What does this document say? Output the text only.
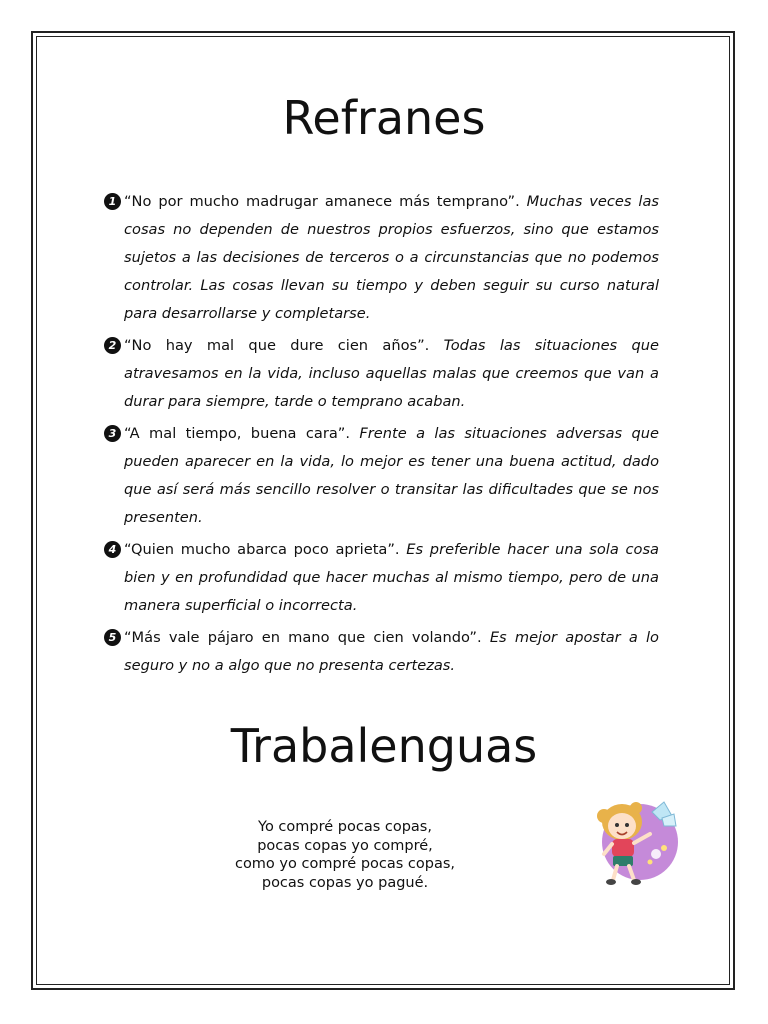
Refranes
1 “No por mucho madrugar amanece más temprano”. Muchas veces las cosas no dependen de nuestros propios esfuerzos, sino que estamos sujetos a las decisiones de terceros o a circunstancias que no podemos controlar. Las cosas llevan su tiempo y deben seguir su curso natural para desarrollarse y completarse.
2 “No hay mal que dure cien años”. Todas las situaciones que atravesamos en la vida, incluso aquellas malas que creemos que van a durar para siempre, tarde o temprano acaban.
3 “A mal tiempo, buena cara”. Frente a las situaciones adversas que pueden aparecer en la vida, lo mejor es tener una buena actitud, dado que así será más sencillo resolver o transitar las dificultades que se nos presenten.
4 “Quien mucho abarca poco aprieta”. Es preferible hacer una sola cosa bien y en profundidad que hacer muchas al mismo tiempo, pero de una manera superficial o incorrecta.
5 “Más vale pájaro en mano que cien volando”. Es mejor apostar a lo seguro y no a algo que no presenta certezas.
Trabalenguas
Yo compré pocas copas,
pocas copas yo compré,
como yo compré pocas copas,
pocas copas yo pagué.
